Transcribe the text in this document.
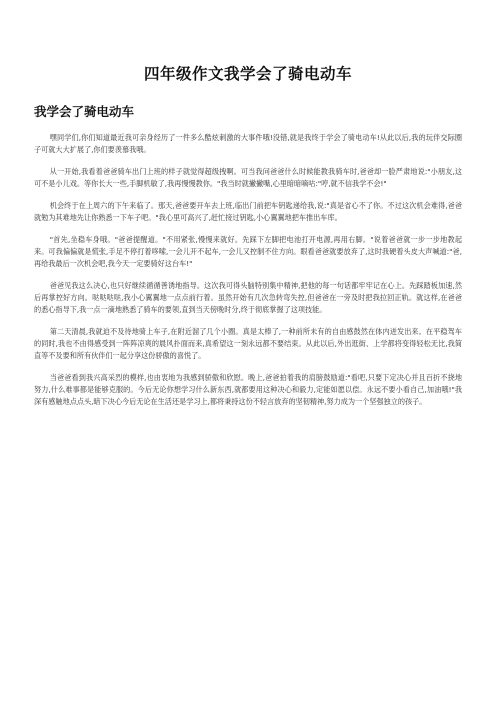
四年级作文我学会了骑电动车
我学会了骑电动车

嘿同学们,你们知道最近我可亲身经历了一件多么酷炫刺激的大事件哦!没错,就是我终于学会了骑电动车!从此以后,我的玩伴交际圈子可就大大扩展了,你们要羡慕我哦。

从一开始,我看着爸爸骑车出门上班的样子就觉得超级拽啊。可当我问爸爸什么时候能教我骑车时,爸爸却一脸严肃地说:"小朋友,这可不是小儿戏。等你长大一些,手脚机敏了,我再慢慢教你。"我当时就撇撇嘴,心里暗暗嘀咕:"哼,就不信我学不会!"

机会终于在上周六的下午来临了。那天,爸爸要开车去上班,临出门前把车钥匙递给我,说:"真是省心不了你。不过这次机会难得,爸爸就勉为其难地先让你熟悉一下车子吧。"我心里可高兴了,赶忙接过钥匙,小心翼翼地把车推出车库。

"首先,坐稳车身哦。"爸爸提醒道。"不用紧张,慢慢来就好。先踩下左脚把电池打开电源,再用右脚。"说着爸爸就一步一步地教起来。可我偏偏就是慌张,手足不停打着哆嗦,一会儿开不起车,一会儿又控制不住方向。眼看爸爸就要放弃了,这时我硬着头皮大声喊道:"爸,再给我最后一次机会吧,我今天一定要骑好这台车!"

爸爸见我这么决心,也只好继续循循善诱地指导。这次我可得头脑特别集中精神,把他的每一句话都牢牢记在心上。先踩踏板加速,然后再掌控好方向。哒哒哒哒,我小心翼翼地一点点前行着。虽然开始有几次急转弯失控,但爸爸在一旁及时把我拉回正轨。就这样,在爸爸的悉心指导下,我一点一滴地熟悉了骑车的要领,直到当天傍晚时分,终于彻底掌握了这项技能。

第二天清晨,我就迫不及待地骑上车子,在附近溜了几个小圈。真是太棒了,一种前所未有的自由感鼓然在体内迸发出来。在平稳驾车的同时,我也不由得感受到一阵阵凉爽的晨风扑面而来,真希望这一刻永远都不要结束。从此以后,外出逛街、上学都将变得轻松无比,我简直等不及要和所有伙伴们一起分享这份骄傲的喜悦了。

当爸爸看到我兴高采烈的模样,也由衷地为我感到骄傲和欣慰。晚上,爸爸拍着我的肩膀鼓励道:"看吧,只要下定决心并且百折不挠地努力,什么难事都是能够克服的。今后无论你想学习什么新东西,就都要用这种决心和毅力,定能如愿以偿。永远不要小看自己,加油哦!"我深有感触地点点头,暗下决心今后无论在生活还是学习上,都将秉持这份不轻言放弃的坚韧精神,努力成为一个坚强独立的孩子。
